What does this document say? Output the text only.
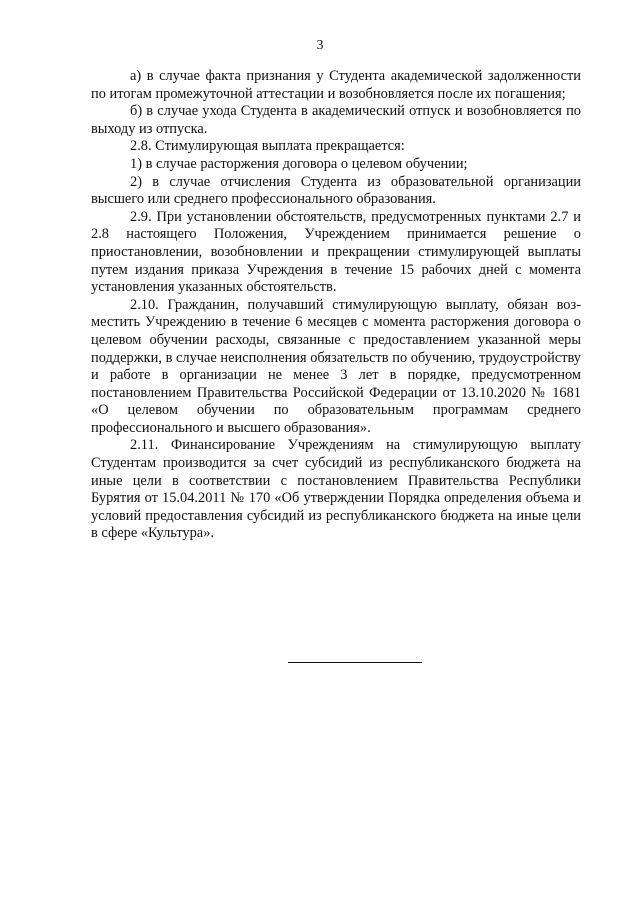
3

а) в случае факта признания у Студента академической задолженности по итогам промежуточной аттестации и возобновляется после их погашения;

б) в случае ухода Студента в академический отпуск и возобновляется по выходу из отпуска.

2.8. Стимулирующая выплата прекращается:

1) в случае расторжения договора о целевом обучении;

2) в случае отчисления Студента из образовательной организации высшего или среднего профессионального образования.

2.9. При установлении обстоятельств, предусмотренных пунктами 2.7 и 2.8 настоящего Положения, Учреждением принимается решение о приостановлении, возобновлении и прекращении стимулирующей выплаты путем издания приказа Учреждения в течение 15 рабочих дней с момента установления указанных обстоятельств.

2.10. Гражданин, получавший стимулирующую выплату, обязан возместить Учреждению в течение 6 месяцев с момента расторжения договора о целевом обучении расходы, связанные с предоставлением указанной меры поддержки, в случае неисполнения обязательств по обучению, трудоустройству и работе в организации не менее 3 лет в порядке, предусмотренном постановлением Правительства Российской Федерации от 13.10.2020 № 1681 «О целевом обучении по образовательным программам среднего профессионального и высшего образования».

2.11. Финансирование Учреждениям на стимулирующую выплату Студентам производится за счет субсидий из республиканского бюджета на иные цели в соответствии с постановлением Правительства Республики Бурятия от 15.04.2011 № 170 «Об утверждении Порядка определения объема и условий предоставления субсидий из республиканского бюджета на иные цели в сфере «Культура».
